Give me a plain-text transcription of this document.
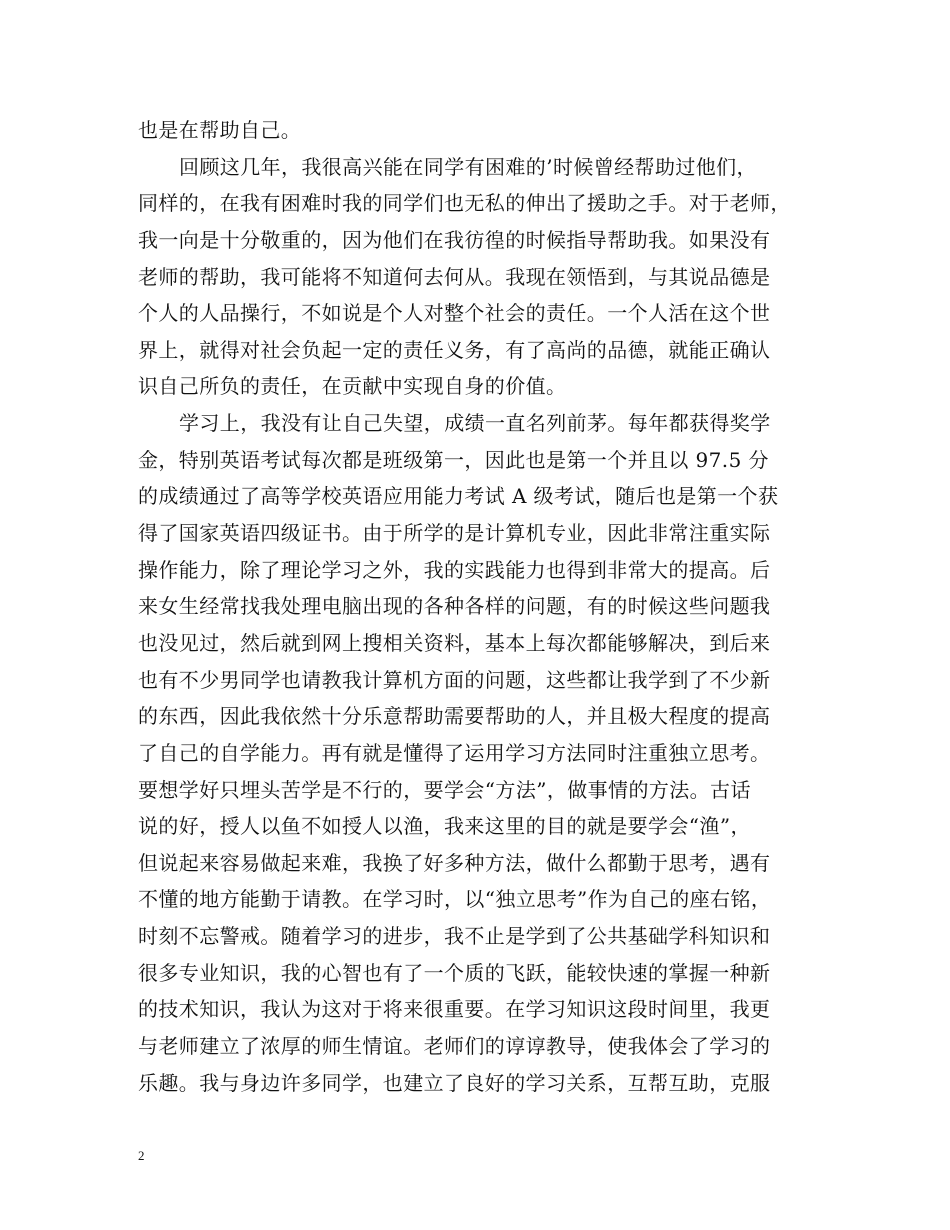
也是在帮助自己。
回顾这几年，我很高兴能在同学有困难的’时候曾经帮助过他们，
同样的，在我有困难时我的同学们也无私的伸出了援助之手。对于老师，
我一向是十分敬重的，因为他们在我彷徨的时候指导帮助我。如果没有
老师的帮助，我可能将不知道何去何从。我现在领悟到，与其说品德是
个人的人品操行，不如说是个人对整个社会的责任。一个人活在这个世
界上，就得对社会负起一定的责任义务，有了高尚的品德，就能正确认
识自己所负的责任，在贡献中实现自身的价值。
学习上，我没有让自己失望，成绩一直名列前茅。每年都获得奖学
金，特别英语考试每次都是班级第一，因此也是第一个并且以 97.5 分
的成绩通过了高等学校英语应用能力考试 A 级考试，随后也是第一个获
得了国家英语四级证书。由于所学的是计算机专业，因此非常注重实际
操作能力，除了理论学习之外，我的实践能力也得到非常大的提高。后
来女生经常找我处理电脑出现的各种各样的问题，有的时候这些问题我
也没见过，然后就到网上搜相关资料，基本上每次都能够解决，到后来
也有不少男同学也请教我计算机方面的问题，这些都让我学到了不少新
的东西，因此我依然十分乐意帮助需要帮助的人，并且极大程度的提高
了自己的自学能力。再有就是懂得了运用学习方法同时注重独立思考。
要想学好只埋头苦学是不行的，要学会“方法”，做事情的方法。古话
说的好，授人以鱼不如授人以渔，我来这里的目的就是要学会“渔”，
但说起来容易做起来难，我换了好多种方法，做什么都勤于思考，遇有
不懂的地方能勤于请教。在学习时，以“独立思考”作为自己的座右铭，
时刻不忘警戒。随着学习的进步，我不止是学到了公共基础学科知识和
很多专业知识，我的心智也有了一个质的飞跃，能较快速的掌握一种新
的技术知识，我认为这对于将来很重要。在学习知识这段时间里，我更
与老师建立了浓厚的师生情谊。老师们的谆谆教导，使我体会了学习的
乐趣。我与身边许多同学，也建立了良好的学习关系，互帮互助，克服
2
